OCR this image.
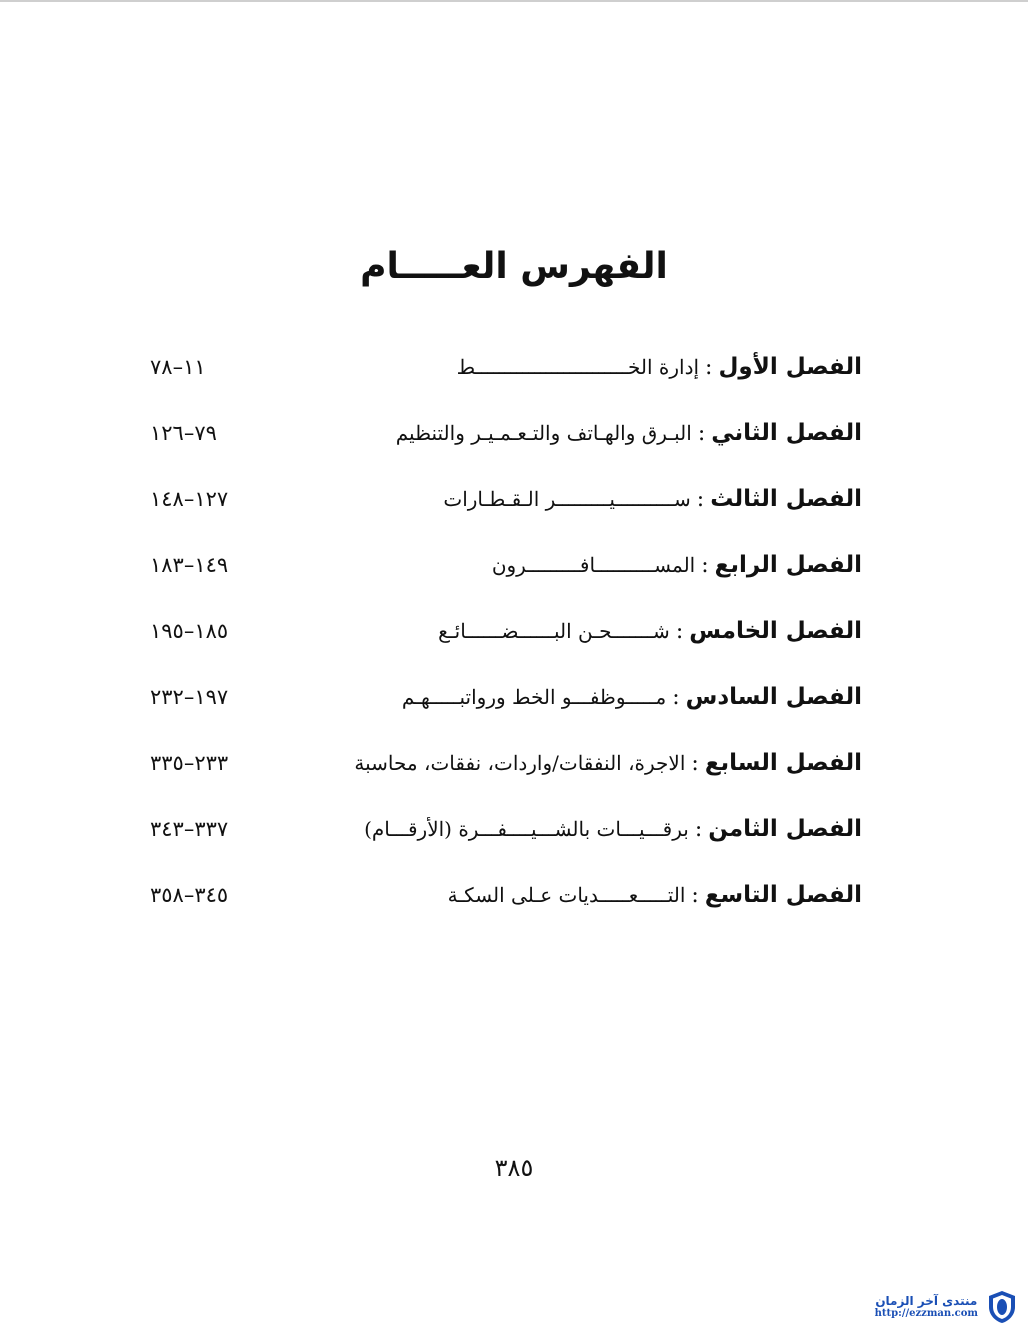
الفهرس العـــــام
الفصل الأول
:
إدارة الخــــــــــــــــــــــــــط
١١–٧٨
الفصل الثاني
:
البـرق والهـاتف والتـعـمـيـر والتنظيم
٧٩–١٢٦
الفصل الثالث
:
ســــــــــيـــــــــر الـقـطـارات
١٢٧–١٤٨
الفصل الرابع
:
المســــــــــافـــــــــرون
١٤٩–١٨٣
الفصل الخامس
:
شـــــــحـن البــــــضــــــائـع
١٨٥–١٩٥
الفصل السادس
:
مـــــوظفـــو الخط ورواتبـــــهـم
١٩٧–٢٣٢
الفصل السابع
:
الاجرة، النفقات/واردات، نفقات، محاسبة
٢٣٣–٣٣٥
الفصل الثامن
:
برقـــيـــات بالشـــيــــفـــرة (الأرقـــام)
٣٣٧–٣٤٣
الفصل التاسع
:
التـــــعـــــديات عـلى السكـة
٣٤٥–٣٥٨
٣٨٥
منتدى آخر الزمان
http://ezzman.com
